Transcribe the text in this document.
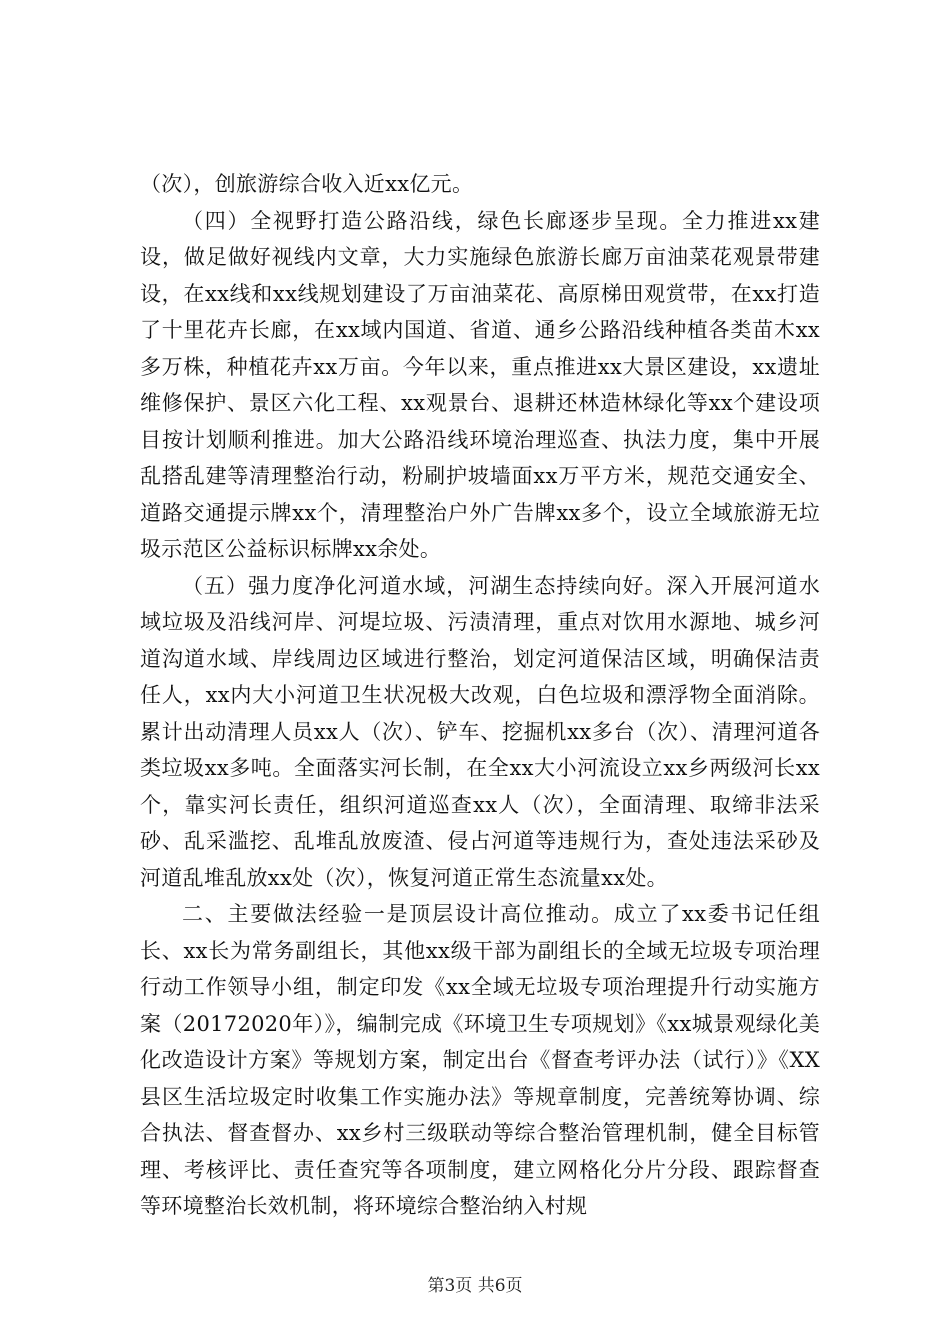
（次），创旅游综合收入近xx亿元。

（四）全视野打造公路沿线，绿色长廊逐步呈现。全力推进xx建设，做足做好视线内文章，大力实施绿色旅游长廊万亩油菜花观景带建设，在xx线和xx线规划建设了万亩油菜花、高原梯田观赏带，在xx打造了十里花卉长廊，在xx域内国道、省道、通乡公路沿线种植各类苗木xx多万株，种植花卉xx万亩。今年以来，重点推进xx大景区建设，xx遗址维修保护、景区六化工程、xx观景台、退耕还林造林绿化等xx个建设项目按计划顺利推进。加大公路沿线环境治理巡查、执法力度，集中开展乱搭乱建等清理整治行动，粉刷护坡墙面xx万平方米，规范交通安全、道路交通提示牌xx个，清理整治户外广告牌xx多个，设立全域旅游无垃圾示范区公益标识标牌xx余处。

（五）强力度净化河道水域，河湖生态持续向好。深入开展河道水域垃圾及沿线河岸、河堤垃圾、污渍清理，重点对饮用水源地、城乡河道沟道水域、岸线周边区域进行整治，划定河道保洁区域，明确保洁责任人，xx内大小河道卫生状况极大改观，白色垃圾和漂浮物全面消除。累计出动清理人员xx人（次）、铲车、挖掘机xx多台（次）、清理河道各类垃圾xx多吨。全面落实河长制，在全xx大小河流设立xx乡两级河长xx个，靠实河长责任，组织河道巡查xx人（次），全面清理、取缔非法采砂、乱采滥挖、乱堆乱放废渣、侵占河道等违规行为，查处违法采砂及河道乱堆乱放xx处（次），恢复河道正常生态流量xx处。

二、主要做法经验一是顶层设计高位推动。成立了xx委书记任组长、xx长为常务副组长，其他xx级干部为副组长的全域无垃圾专项治理行动工作领导小组，制定印发《xx全域无垃圾专项治理提升行动实施方案（20172020年）》，编制完成《环境卫生专项规划》《xx城景观绿化美化改造设计方案》等规划方案，制定出台《督查考评办法（试行）》《XX县区生活垃圾定时收集工作实施办法》等规章制度，完善统筹协调、综合执法、督查督办、xx乡村三级联动等综合整治管理机制，健全目标管理、考核评比、责任查究等各项制度，建立网格化分片分段、跟踪督查等环境整治长效机制，将环境综合整治纳入村规

第3页 共6页
